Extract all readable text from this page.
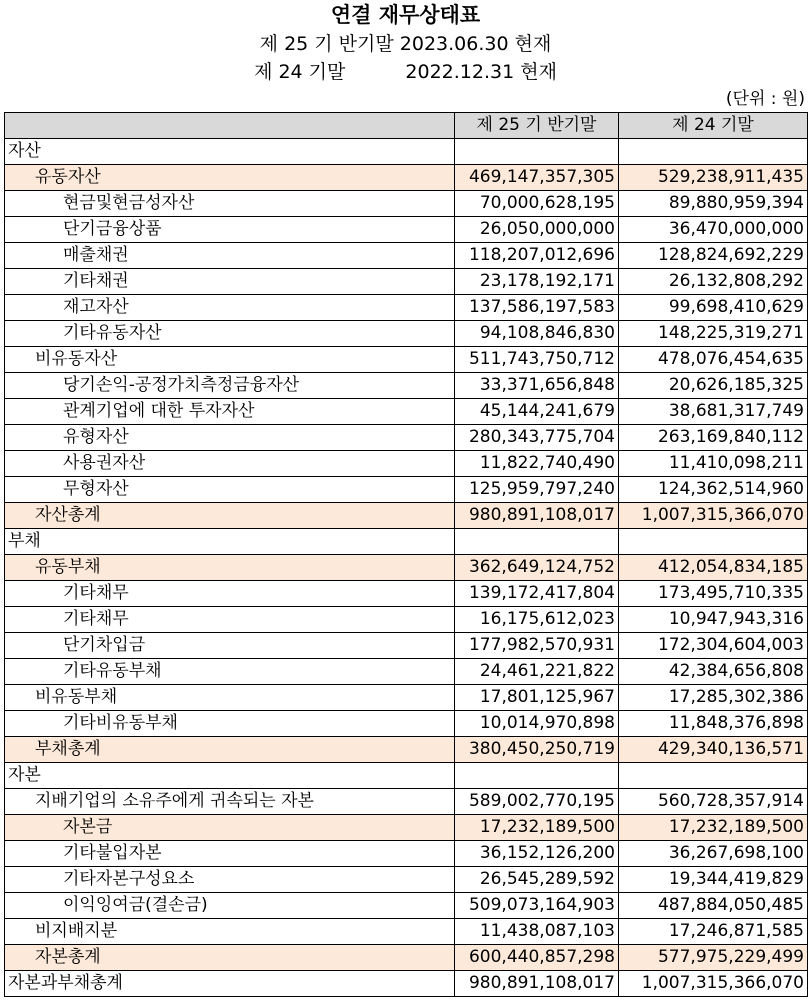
연결 재무상태표
제 25 기 반기말 2023.06.30 현재
제 24 기말	2022.12.31 현재
(단위 : 원)
	제 25 기 반기말	제 24 기말
자산		
유동자산	469,147,357,305	529,238,911,435
현금및현금성자산	70,000,628,195	89,880,959,394
단기금융상품	26,050,000,000	36,470,000,000
매출채권	118,207,012,696	128,824,692,229
기타채권	23,178,192,171	26,132,808,292
재고자산	137,586,197,583	99,698,410,629
기타유동자산	94,108,846,830	148,225,319,271
비유동자산	511,743,750,712	478,076,454,635
당기손익-공정가치측정금융자산	33,371,656,848	20,626,185,325
관계기업에 대한 투자자산	45,144,241,679	38,681,317,749
유형자산	280,343,775,704	263,169,840,112
사용권자산	11,822,740,490	11,410,098,211
무형자산	125,959,797,240	124,362,514,960
자산총계	980,891,108,017	1,007,315,366,070
부채		
유동부채	362,649,124,752	412,054,834,185
기타채무	139,172,417,804	173,495,710,335
기타채무	16,175,612,023	10,947,943,316
단기차입금	177,982,570,931	172,304,604,003
기타유동부채	24,461,221,822	42,384,656,808
비유동부채	17,801,125,967	17,285,302,386
기타비유동부채	10,014,970,898	11,848,376,898
부채총계	380,450,250,719	429,340,136,571
자본		
지배기업의 소유주에게 귀속되는 자본	589,002,770,195	560,728,357,914
자본금	17,232,189,500	17,232,189,500
기타불입자본	36,152,126,200	36,267,698,100
기타자본구성요소	26,545,289,592	19,344,419,829
이익잉여금(결손금)	509,073,164,903	487,884,050,485
비지배지분	11,438,087,103	17,246,871,585
자본총계	600,440,857,298	577,975,229,499
자본과부채총계	980,891,108,017	1,007,315,366,070
